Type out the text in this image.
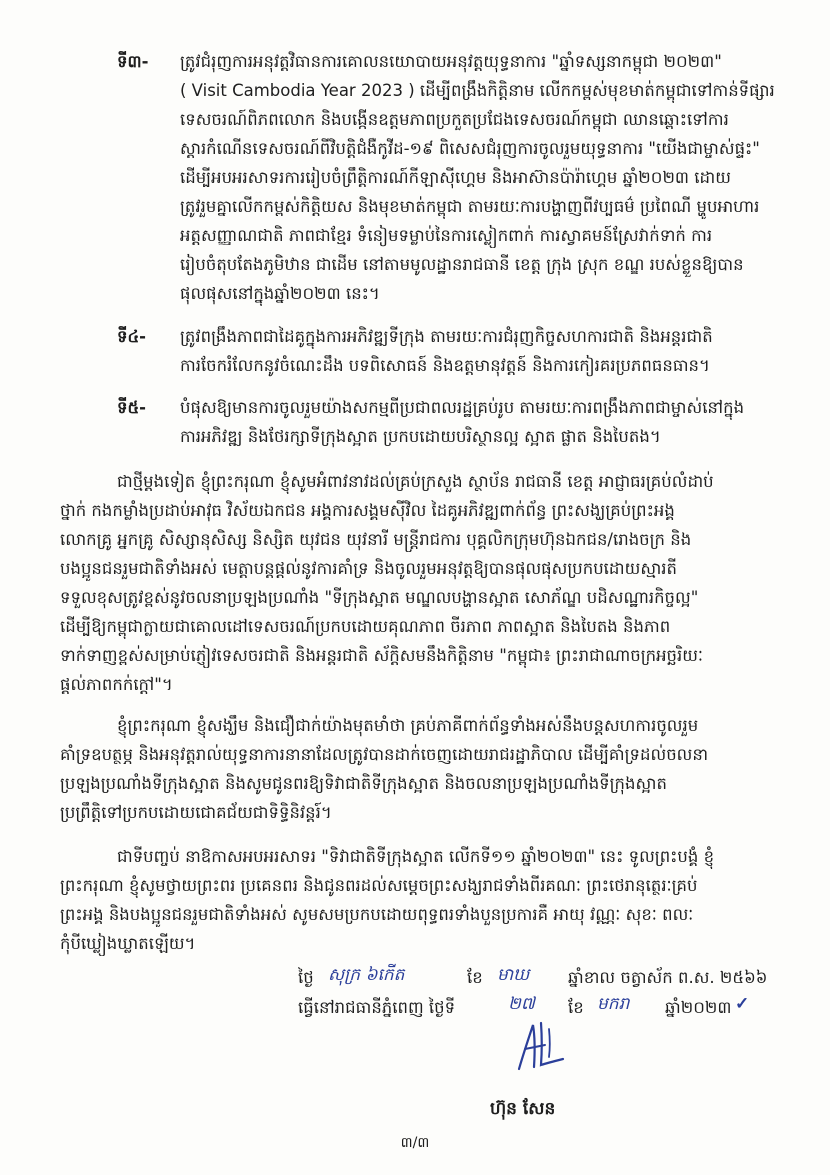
ទី៣- ត្រូវជំរុញការអនុវត្តវិធានការគោលនយោបាយអនុវត្តយុទ្ធនាការ "ឆ្នាំទស្សនាកម្ពុជា ២០២៣"
( Visit Cambodia Year 2023 ) ដើម្បីពង្រឹងកិត្តិនាម លើកកម្ពស់មុខមាត់កម្ពុជាទៅកាន់ទីផ្សារ
ទេសចរណ៍ពិភពលោក និងបង្កើនឧត្តមភាពប្រកួតប្រជែងទេសចរណ៍កម្ពុជា ឈានឆ្ពោះទៅការ
ស្តារកំណើនទេសចរណ៍ពីវិបត្តិជំងឺកូវីដ-១៩ ពិសេសជំរុញការចូលរួមយុទ្ធនាការ "យើងជាម្ចាស់ផ្ទះ"
ដើម្បីអបអរសាទរការរៀបចំព្រឹត្តិការណ៍កីឡាស៊ីហ្គេម និងអាស៊ានប៉ារ៉ាហ្គេម ឆ្នាំ២០២៣ ដោយ
ត្រូវរួមគ្នាលើកកម្ពស់កិត្តិយស និងមុខមាត់កម្ពុជា តាមរយៈការបង្ហាញពីវប្បធម៌ ប្រពៃណី ម្ហូបអាហារ
អត្តសញ្ញាណជាតិ ភាពជាខ្មែរ ទំនៀមទម្លាប់នៃការស្លៀកពាក់ ការស្វាគមន៍ស្រែវាក់ទាក់ ការ
រៀបចំតុបតែងភូមិឋាន ជាដើម នៅតាមមូលដ្ឋានរាជធានី ខេត្ត ក្រុង ស្រុក ខណ្ឌ របស់ខ្លួនឱ្យបាន
ផុលផុសនៅក្នុងឆ្នាំ២០២៣ នេះ។
ទី៤- ត្រូវពង្រឹងភាពជាដៃគូក្នុងការអភិវឌ្ឍទីក្រុង តាមរយៈការជំរុញកិច្ចសហការជាតិ និងអន្តរជាតិ
ការចែករំលែកនូវចំណេះដឹង បទពិសោធន៍ និងឧត្តមានុវត្តន៍ និងការកៀរគរប្រភពធនធាន។
ទី៥- បំផុសឱ្យមានការចូលរួមយ៉ាងសកម្មពីប្រជាពលរដ្ឋគ្រប់រូប តាមរយៈការពង្រឹងភាពជាម្ចាស់នៅក្នុង
ការអភិវឌ្ឍ និងថែរក្សាទីក្រុងស្អាត ប្រកបដោយបរិស្ថានល្អ ស្អាត ផ្លាត និងបៃតង។
ជាថ្មីម្តងទៀត ខ្ញុំព្រះករុណា ខ្ញុំសូមអំពាវនាវដល់គ្រប់ក្រសួង ស្ថាប័ន រាជធានី ខេត្ត អាជ្ញាធរគ្រប់លំដាប់
ថ្នាក់ កងកម្លាំងប្រដាប់អាវុធ វិស័យឯកជន អង្គការសង្គមស៊ីវិល ដៃគូអភិវឌ្ឍពាក់ព័ន្ធ ព្រះសង្ឃគ្រប់ព្រះអង្គ
លោកគ្រូ អ្នកគ្រូ សិស្សានុសិស្ស និស្សិត យុវជន យុវនារី មន្ត្រីរាជការ បុគ្គលិកក្រុមហ៊ុនឯកជន/រោងចក្រ និង
បងប្អូនជនរួមជាតិទាំងអស់ មេត្តាបន្តផ្តល់នូវការគាំទ្រ និងចូលរួមអនុវត្តឱ្យបានផុលផុសប្រកបដោយស្មារតី
ទទួលខុសត្រូវខ្ពស់នូវចលនាប្រឡងប្រណាំង "ទីក្រុងស្អាត មណ្ឌលបង្ហានស្អាត សោភ័ណ្ឌ បដិសណ្ឋារកិច្ចល្អ"
ដើម្បីឱ្យកម្ពុជាក្លាយជាគោលដៅទេសចរណ៍ប្រកបដោយគុណភាព ចីរភាព ភាពស្អាត និងបៃតង និងភាព
ទាក់ទាញខ្ពស់សម្រាប់ភ្ញៀវទេសចរជាតិ និងអន្តរជាតិ ស័ក្តិសមនឹងកិត្តិនាម "កម្ពុជា៖ ព្រះរាជាណាចក្រអច្ឆរិយៈ
ផ្តល់ភាពកក់ក្តៅ"។
ខ្ញុំព្រះករុណា ខ្ញុំសង្ឃឹម និងជឿជាក់យ៉ាងមុតមាំថា គ្រប់ភាគីពាក់ព័ន្ធទាំងអស់នឹងបន្តសហការចូលរួម
គាំទ្រឧបត្ថម្ភ និងអនុវត្តរាល់យុទ្ធនាការនានាដែលត្រូវបានដាក់ចេញដោយរាជរដ្ឋាភិបាល ដើម្បីគាំទ្រដល់ចលនា
ប្រឡងប្រណាំងទីក្រុងស្អាត និងសូមជូនពរឱ្យទិវាជាតិទីក្រុងស្អាត និងចលនាប្រឡងប្រណាំងទីក្រុងស្អាត
ប្រព្រឹត្តិទៅប្រកបដោយជោគជ័យជាទិទ្ធិនិវន្តរ៍។
ជាទីបញ្ចប់ នាឱកាសអបអរសាទរ "ទិវាជាតិទីក្រុងស្អាត លើកទី១១ ឆ្នាំ២០២៣" នេះ ទូលព្រះបង្គំ ខ្ញុំ
ព្រះករុណា ខ្ញុំសូមថ្វាយព្រះពរ ប្រគេនពរ និងជូនពរដល់សម្តេចព្រះសង្ឃរាជទាំងពីរគណៈ ព្រះថេរានុត្ថេរៈគ្រប់
ព្រះអង្គ និងបងប្អូនជនរួមជាតិទាំងអស់ សូមសមប្រកបដោយពុទ្ធពរទាំងបួនប្រការគឺ អាយុ វណ្ណៈ សុខៈ ពលៈ
កុំបីឃ្លៀងឃ្លាតឡើយ។
ថ្ងៃ សុក្រ ៦កើត	ខែ មាឃ ឆ្នាំខាល ចត្វាស័ក ព.ស. ២៥៦៦
ធ្វើនៅរាជធានីភ្នំពេញ ថ្ងៃទី	២៧ ខែ មករា ឆ្នាំ២០២៣ ✓
ហ៊ុន សែន
៣/៣
